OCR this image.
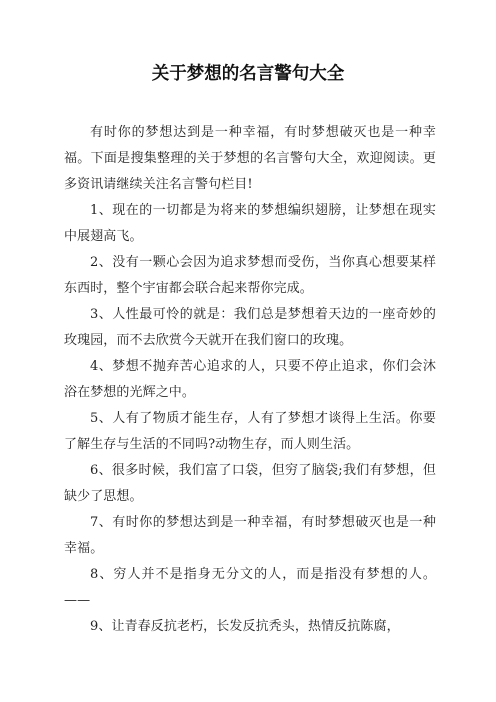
关于梦想的名言警句大全

有时你的梦想达到是一种幸福，有时梦想破灭也是一种幸福。下面是搜集整理的关于梦想的名言警句大全，欢迎阅读。更多资讯请继续关注名言警句栏目!

1、现在的一切都是为将来的梦想编织翅膀，让梦想在现实中展翅高飞。

2、没有一颗心会因为追求梦想而受伤，当你真心想要某样东西时，整个宇宙都会联合起来帮你完成。

3、人性最可怜的就是：我们总是梦想着天边的一座奇妙的玫瑰园，而不去欣赏今天就开在我们窗口的玫瑰。

4、梦想不抛弃苦心追求的人，只要不停止追求，你们会沐浴在梦想的光辉之中。

5、人有了物质才能生存，人有了梦想才谈得上生活。你要了解生存与生活的不同吗?动物生存，而人则生活。

6、很多时候，我们富了口袋，但穷了脑袋;我们有梦想，但缺少了思想。

7、有时你的梦想达到是一种幸福，有时梦想破灭也是一种幸福。

8、穷人并不是指身无分文的人，而是指没有梦想的人。——

9、让青春反抗老朽，长发反抗秃头，热情反抗陈腐，
